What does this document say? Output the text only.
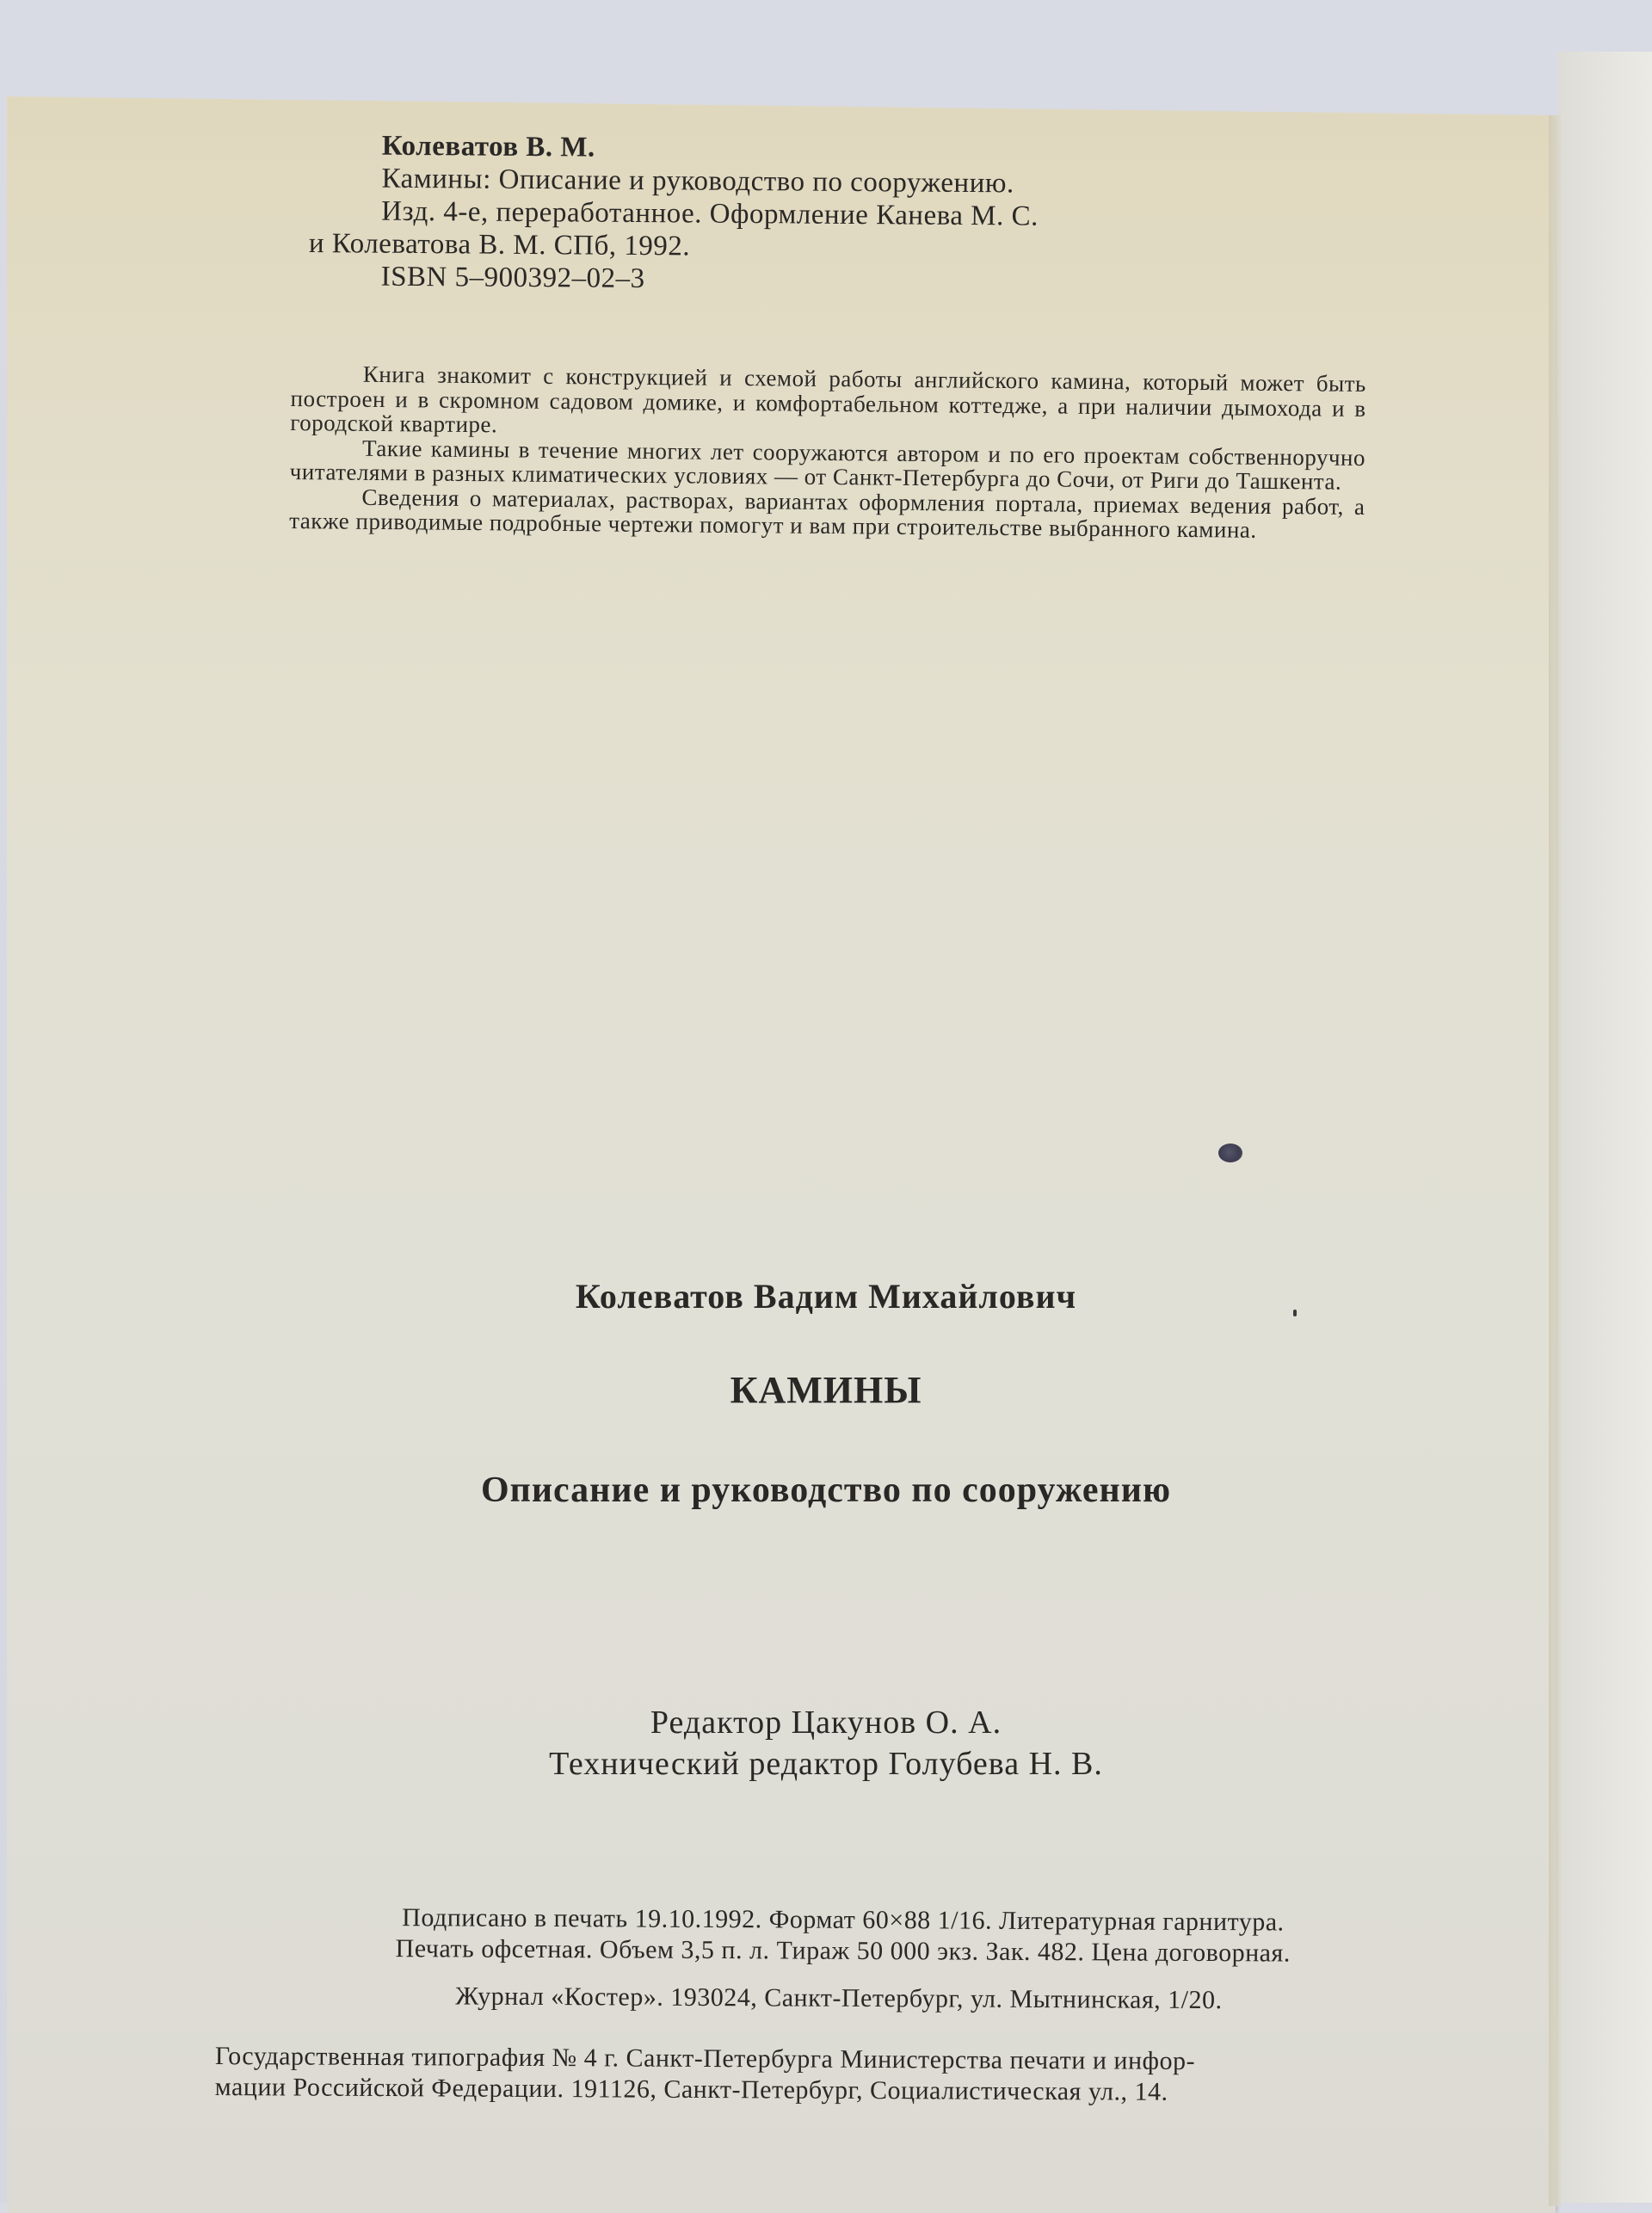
Колеватов В. М.
Камины: Описание и руководство по сооружению.
Изд. 4-е, переработанное. Оформление Канева М. С.
и Колеватова В. М. СПб, 1992.
ISBN 5–900392–02–3

Книга знакомит с конструкцией и схемой работы английского камина, который может быть построен и в скромном садовом домике, и комфортабельном коттедже, а при наличии дымохода и в городской квартире.

Такие камины в течение многих лет сооружаются автором и по его проектам собственноручно читателями в разных климатических условиях — от Санкт-Петербурга до Сочи, от Риги до Ташкента.

Сведения о материалах, растворах, вариантах оформления портала, приемах ведения работ, а также приводимые подробные чертежи помогут и вам при строительстве выбранного камина.

Колеватов Вадим Михайлович
КАМИНЫ
Описание и руководство по сооружению
Редактор Цакунов О. А.
Технический редактор Голубева Н. В.
Подписано в печать 19.10.1992. Формат 60×88 1/16. Литературная гарнитура.
Печать офсетная. Объем 3,5 п. л. Тираж 50 000 экз. Зак. 482. Цена договорная.
Журнал «Костер». 193024, Санкт-Петербург, ул. Мытнинская, 1/20.
Государственная типография № 4 г. Санкт-Петербурга Министерства печати и инфор-
мации Российской Федерации. 191126, Санкт-Петербург, Социалистическая ул., 14.
